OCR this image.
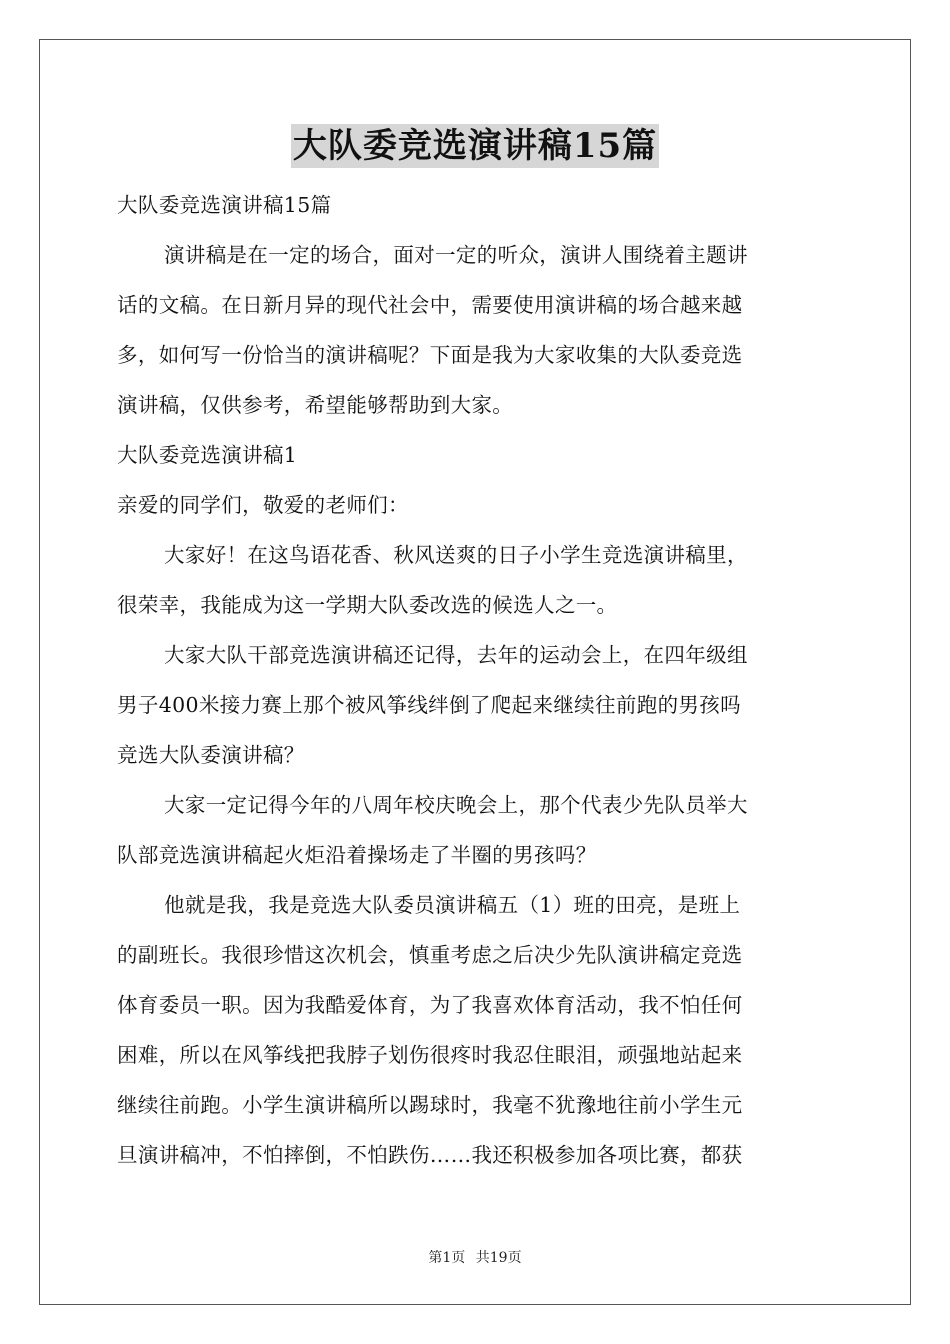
大队委竞选演讲稿15篇
大队委竞选演讲稿15篇
演讲稿是在一定的场合，面对一定的听众，演讲人围绕着主题讲
话的文稿。在日新月异的现代社会中，需要使用演讲稿的场合越来越
多，如何写一份恰当的演讲稿呢？下面是我为大家收集的大队委竞选
演讲稿，仅供参考，希望能够帮助到大家。
大队委竞选演讲稿1
亲爱的同学们，敬爱的老师们：
大家好！在这鸟语花香、秋风送爽的日子小学生竞选演讲稿里，
很荣幸，我能成为这一学期大队委改选的候选人之一。
大家大队干部竞选演讲稿还记得，去年的运动会上，在四年级组
男子400米接力赛上那个被风筝线绊倒了爬起来继续往前跑的男孩吗
竞选大队委演讲稿？
大家一定记得今年的八周年校庆晚会上，那个代表少先队员举大
队部竞选演讲稿起火炬沿着操场走了半圈的男孩吗？
他就是我，我是竞选大队委员演讲稿五（1）班的田亮，是班上
的副班长。我很珍惜这次机会，慎重考虑之后决少先队演讲稿定竞选
体育委员一职。因为我酷爱体育，为了我喜欢体育活动，我不怕任何
困难，所以在风筝线把我脖子划伤很疼时我忍住眼泪，顽强地站起来
继续往前跑。小学生演讲稿所以踢球时，我毫不犹豫地往前小学生元
旦演讲稿冲，不怕摔倒，不怕跌伤……我还积极参加各项比赛，都获
第1页 共19页
